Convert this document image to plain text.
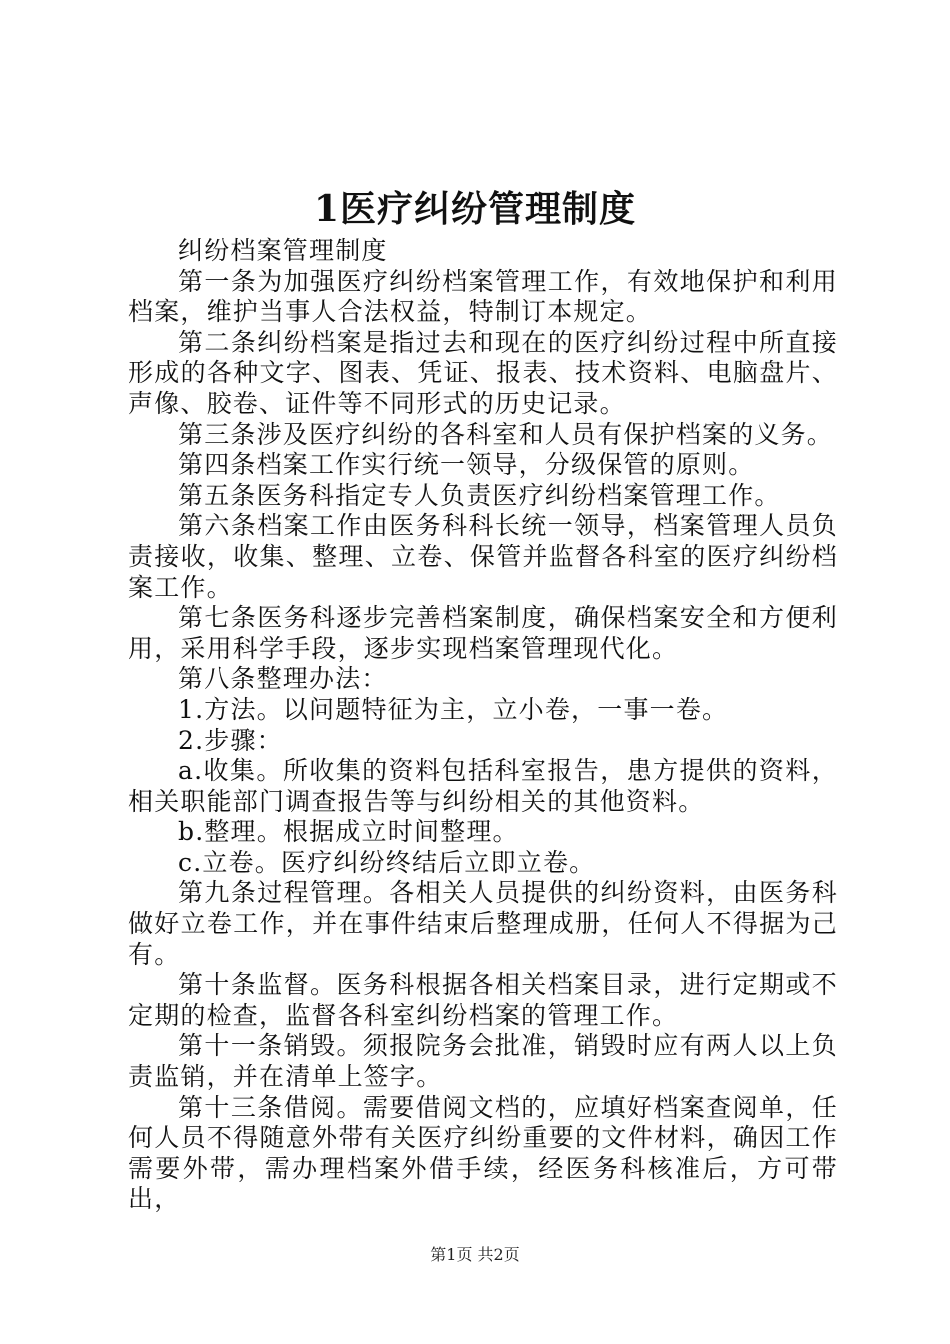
1医疗纠纷管理制度

纠纷档案管理制度

第一条为加强医疗纠纷档案管理工作，有效地保护和利用档案，维护当事人合法权益，特制订本规定。

第二条纠纷档案是指过去和现在的医疗纠纷过程中所直接形成的各种文字、图表、凭证、报表、技术资料、电脑盘片、声像、胶卷、证件等不同形式的历史记录。

第三条涉及医疗纠纷的各科室和人员有保护档案的义务。

第四条档案工作实行统一领导，分级保管的原则。

第五条医务科指定专人负责医疗纠纷档案管理工作。

第六条档案工作由医务科科长统一领导，档案管理人员负责接收，收集、整理、立卷、保管并监督各科室的医疗纠纷档案工作。

第七条医务科逐步完善档案制度，确保档案安全和方便利用，采用科学手段，逐步实现档案管理现代化。

第八条整理办法：

1.方法。以问题特征为主，立小卷，一事一卷。

2.步骤：

a.收集。所收集的资料包括科室报告，患方提供的资料，相关职能部门调查报告等与纠纷相关的其他资料。

b.整理。根据成立时间整理。

c.立卷。医疗纠纷终结后立即立卷。

第九条过程管理。各相关人员提供的纠纷资料，由医务科做好立卷工作，并在事件结束后整理成册，任何人不得据为己有。

第十条监督。医务科根据各相关档案目录，进行定期或不定期的检查，监督各科室纠纷档案的管理工作。

第十一条销毁。须报院务会批准，销毁时应有两人以上负责监销，并在清单上签字。

第十三条借阅。需要借阅文档的，应填好档案查阅单，任何人员不得随意外带有关医疗纠纷重要的文件材料，确因工作需要外带，需办理档案外借手续，经医务科核准后，方可带出，

第1页 共2页
